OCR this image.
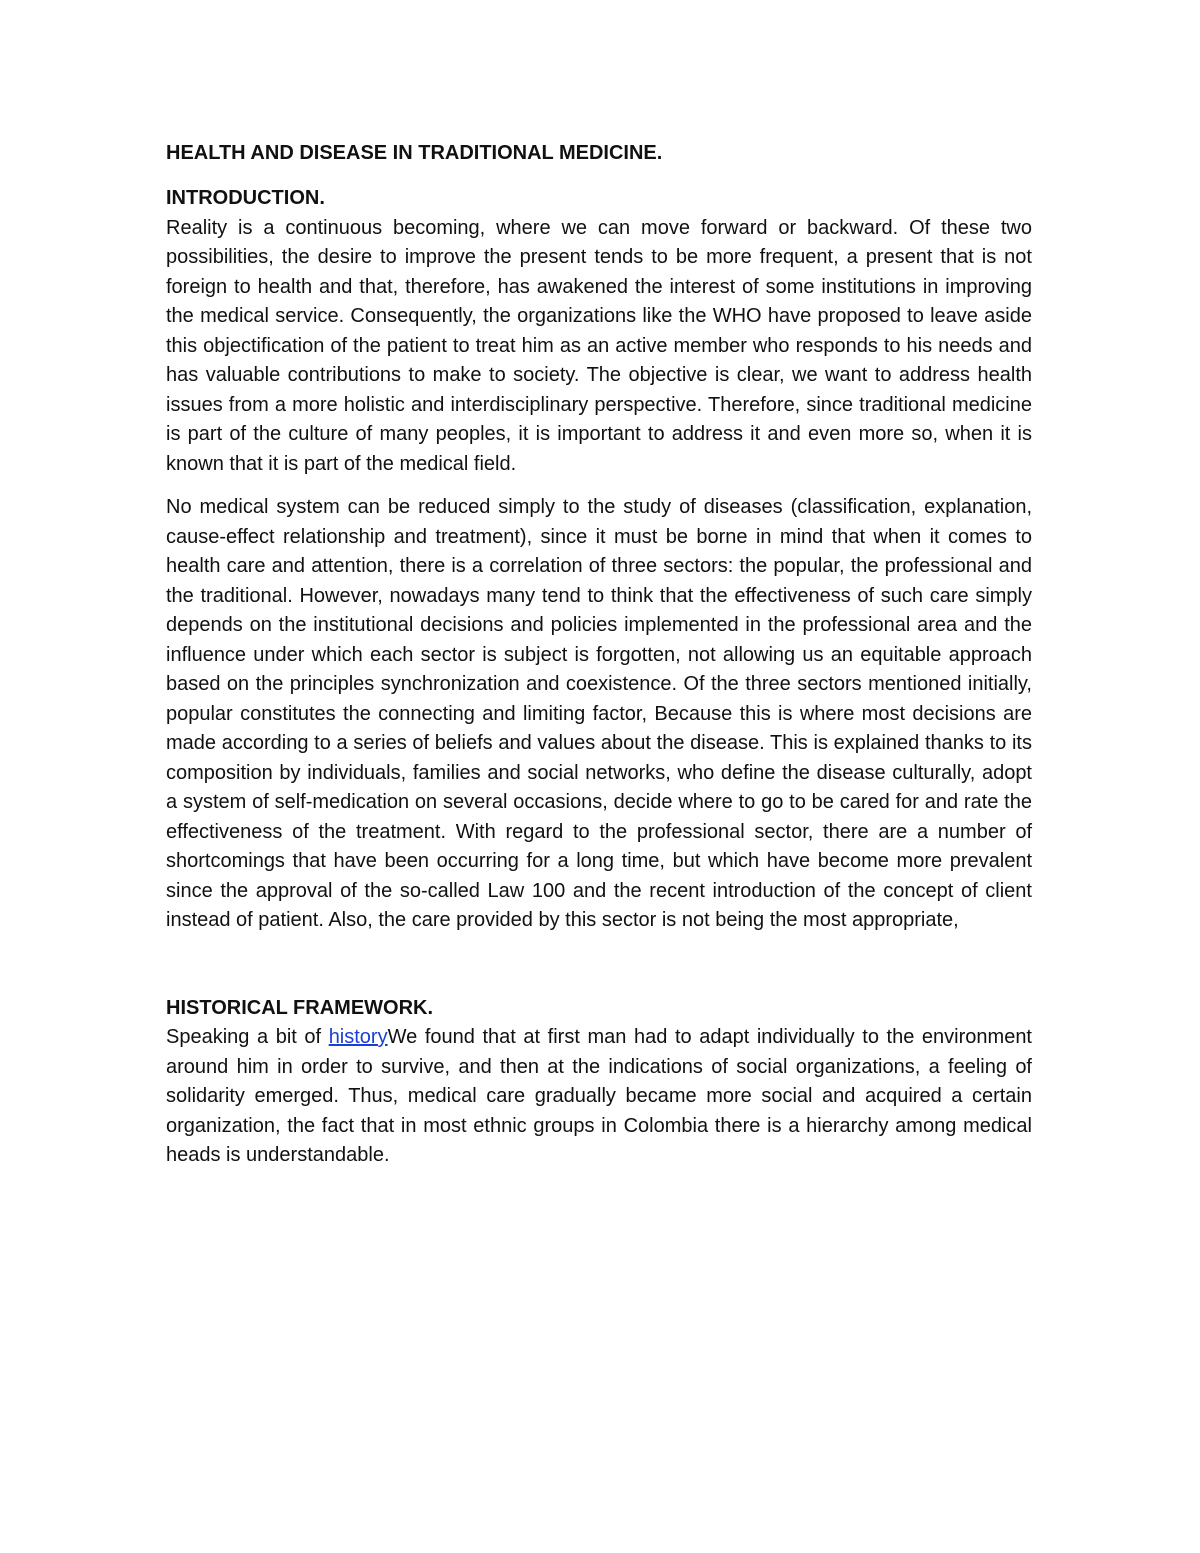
HEALTH AND DISEASE IN TRADITIONAL MEDICINE.
INTRODUCTION.

Reality is a continuous becoming, where we can move forward or backward. Of these two possibilities, the desire to improve the present tends to be more frequent, a present that is not foreign to health and that, therefore, has awakened the interest of some institutions in improving the medical service. Consequently, the organizations like the WHO have proposed to leave aside this objectification of the patient to treat him as an active member who responds to his needs and has valuable contributions to make to society. The objective is clear, we want to address health issues from a more holistic and interdisciplinary perspective. Therefore, since traditional medicine is part of the culture of many peoples, it is important to address it and even more so, when it is known that it is part of the medical field.

No medical system can be reduced simply to the study of diseases (classification, explanation, cause-effect relationship and treatment), since it must be borne in mind that when it comes to health care and attention, there is a correlation of three sectors: the popular, the professional and the traditional. However, nowadays many tend to think that the effectiveness of such care simply depends on the institutional decisions and policies implemented in the professional area and the influence under which each sector is subject is forgotten, not allowing us an equitable approach based on the principles synchronization and coexistence. Of the three sectors mentioned initially, popular constitutes the connecting and limiting factor, Because this is where most decisions are made according to a series of beliefs and values about the disease. This is explained thanks to its composition by individuals, families and social networks, who define the disease culturally, adopt a system of self-medication on several occasions, decide where to go to be cared for and rate the effectiveness of the treatment. With regard to the professional sector, there are a number of shortcomings that have been occurring for a long time, but which have become more prevalent since the approval of the so-called Law 100 and the recent introduction of the concept of client instead of patient. Also, the care provided by this sector is not being the most appropriate,

HISTORICAL FRAMEWORK.

Speaking a bit of historyWe found that at first man had to adapt individually to the environment around him in order to survive, and then at the indications of social organizations, a feeling of solidarity emerged. Thus, medical care gradually became more social and acquired a certain organization, the fact that in most ethnic groups in Colombia there is a hierarchy among medical heads is understandable.
